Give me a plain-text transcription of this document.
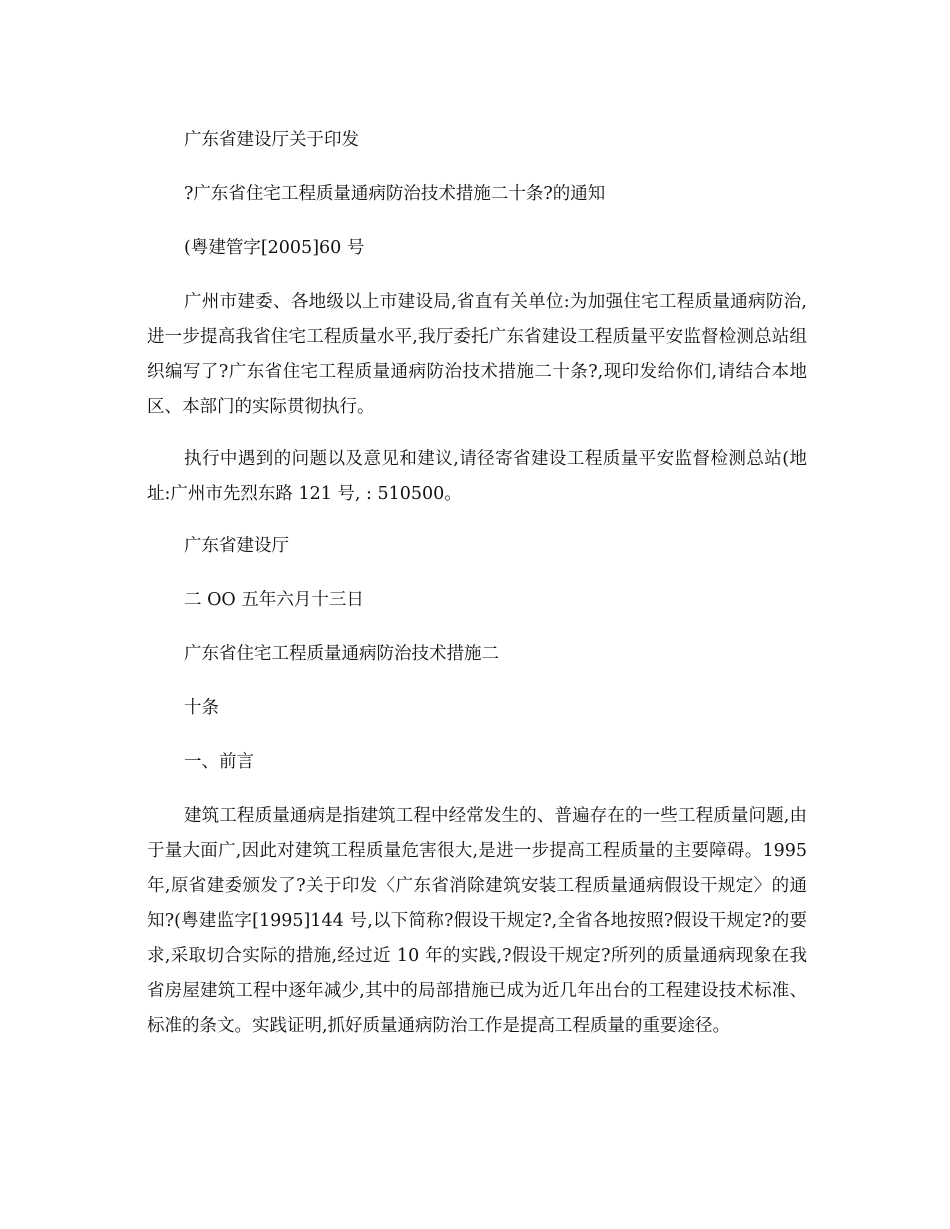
广东省建设厅关于印发

?广东省住宅工程质量通病防治技术措施二十条?的通知

(粤建管字[2005]60 号

广州市建委、各地级以上市建设局,省直有关单位:为加强住宅工程质量通病防治,进一步提高我省住宅工程质量水平,我厅委托广东省建设工程质量平安监督检测总站组织编写了?广东省住宅工程质量通病防治技术措施二十条?,现印发给你们,请结合本地区、本部门的实际贯彻执行。

执行中遇到的问题以及意见和建议,请径寄省建设工程质量平安监督检测总站(地址:广州市先烈东路 121 号, : 510500。

广东省建设厅

二 OO 五年六月十三日

广东省住宅工程质量通病防治技术措施二

十条

一、前言

建筑工程质量通病是指建筑工程中经常发生的、普遍存在的一些工程质量问题,由于量大面广,因此对建筑工程质量危害很大,是进一步提高工程质量的主要障碍。1995 年,原省建委颁发了?关于印发〈广东省消除建筑安装工程质量通病假设干规定〉的通知?(粤建监字[1995]144 号,以下简称?假设干规定?,全省各地按照?假设干规定?的要求,采取切合实际的措施,经过近 10 年的实践,?假设干规定?所列的质量通病现象在我省房屋建筑工程中逐年减少,其中的局部措施已成为近几年出台的工程建设技术标准、标准的条文。实践证明,抓好质量通病防治工作是提高工程质量的重要途径。
